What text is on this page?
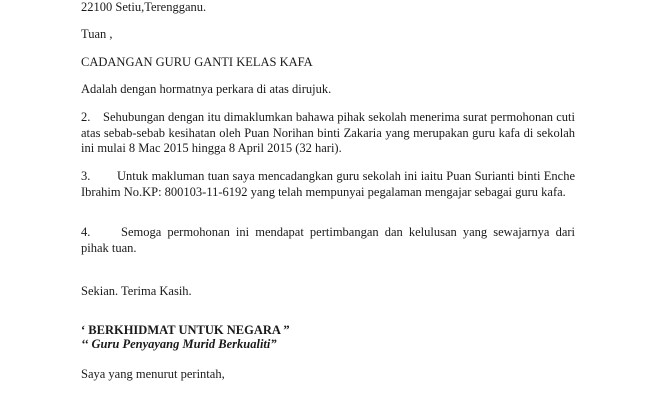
22100 Setiu,Terengganu.
Tuan ,
CADANGAN GURU GANTI KELAS KAFA
Adalah dengan hormatnya perkara di atas dirujuk.
2. Sehubungan dengan itu dimaklumkan bahawa pihak sekolah menerima surat permohonan cuti atas sebab-sebab kesihatan oleh Puan Norihan binti Zakaria yang merupakan guru kafa di sekolah ini mulai 8 Mac 2015 hingga 8 April 2015 (32 hari).
3. Untuk makluman tuan saya mencadangkan guru sekolah ini iaitu Puan Surianti binti Enche Ibrahim No.KP: 800103-11-6192 yang telah mempunyai pegalaman mengajar sebagai guru kafa.
4. Semoga permohonan ini mendapat pertimbangan dan kelulusan yang sewajarnya dari pihak tuan.
Sekian. Terima Kasih.
‘ BERKHIDMAT UNTUK NEGARA ”
‘‘ Guru Penyayang Murid Berkualiti”
Saya yang menurut perintah,
